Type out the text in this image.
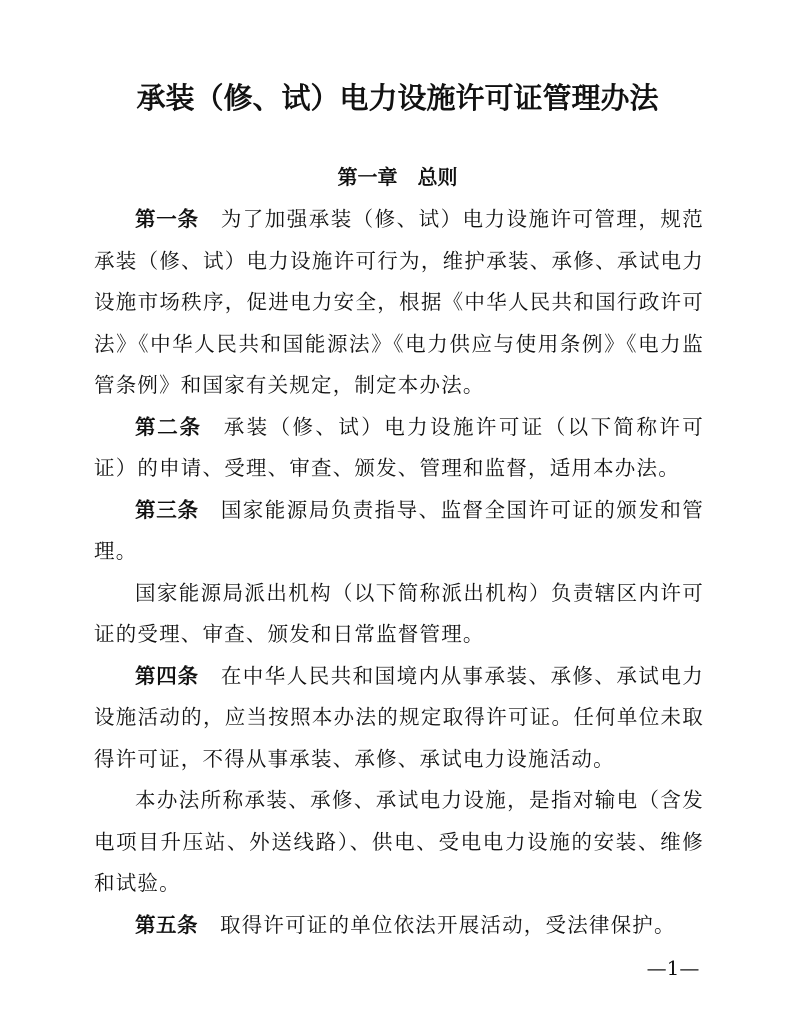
承装（修、试）电力设施许可证管理办法
第一章　总则

第一条 为了加强承装（修、试）电力设施许可管理，规范承装（修、试）电力设施许可行为，维护承装、承修、承试电力设施市场秩序，促进电力安全，根据《中华人民共和国行政许可法》《中华人民共和国能源法》《电力供应与使用条例》《电力监管条例》和国家有关规定，制定本办法。

第二条 承装（修、试）电力设施许可证（以下简称许可证）的申请、受理、审查、颁发、管理和监督，适用本办法。

第三条 国家能源局负责指导、监督全国许可证的颁发和管理。

国家能源局派出机构（以下简称派出机构）负责辖区内许可证的受理、审查、颁发和日常监督管理。

第四条 在中华人民共和国境内从事承装、承修、承试电力设施活动的，应当按照本办法的规定取得许可证。任何单位未取得许可证，不得从事承装、承修、承试电力设施活动。

本办法所称承装、承修、承试电力设施，是指对输电（含发电项目升压站、外送线路）、供电、受电电力设施的安装、维修和试验。

第五条 取得许可证的单位依法开展活动，受法律保护。

—1—
